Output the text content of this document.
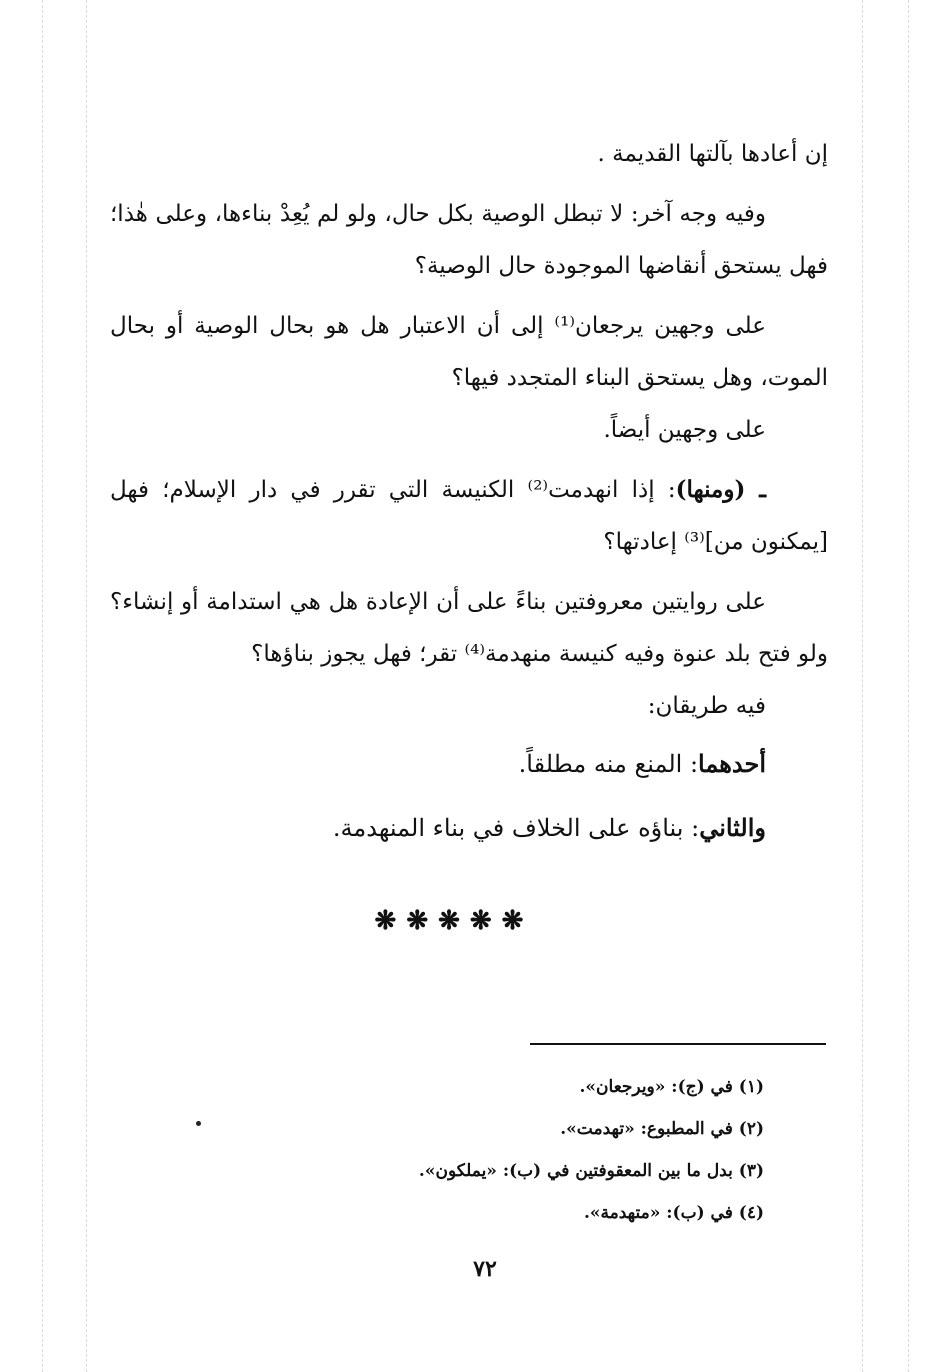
إن أعادها بآلتها القديمة .

وفيه وجه آخر: لا تبطل الوصية بكل حال، ولو لم يُعِدْ بناءها، وعلى هٰذا؛ فهل يستحق أنقاضها الموجودة حال الوصية؟

على وجهين يرجعان⁽¹⁾ إلى أن الاعتبار هل هو بحال الوصية أو بحال الموت، وهل يستحق البناء المتجدد فيها؟

على وجهين أيضاً.

ـ (ومنها): إذا انهدمت⁽²⁾ الكنيسة التي تقرر في دار الإسلام؛ فهل [يمكنون من]⁽³⁾ إعادتها؟

على روايتين معروفتين بناءً على أن الإعادة هل هي استدامة أو إنشاء؟ ولو فتح بلد عنوة وفيه كنيسة منهدمة⁽⁴⁾ تقر؛ فهل يجوز بناؤها؟

فيه طريقان:

أحدهما: المنع منه مطلقاً.

والثاني: بناؤه على الخلاف في بناء المنهدمة.

❋❋❋❋❋

(١) في (ج): «ويرجعان».

(٢) في المطبوع: «تهدمت».

(٣) بدل ما بين المعقوفتين في (ب): «يملكون».

(٤) في (ب): «متهدمة».

٧٢
